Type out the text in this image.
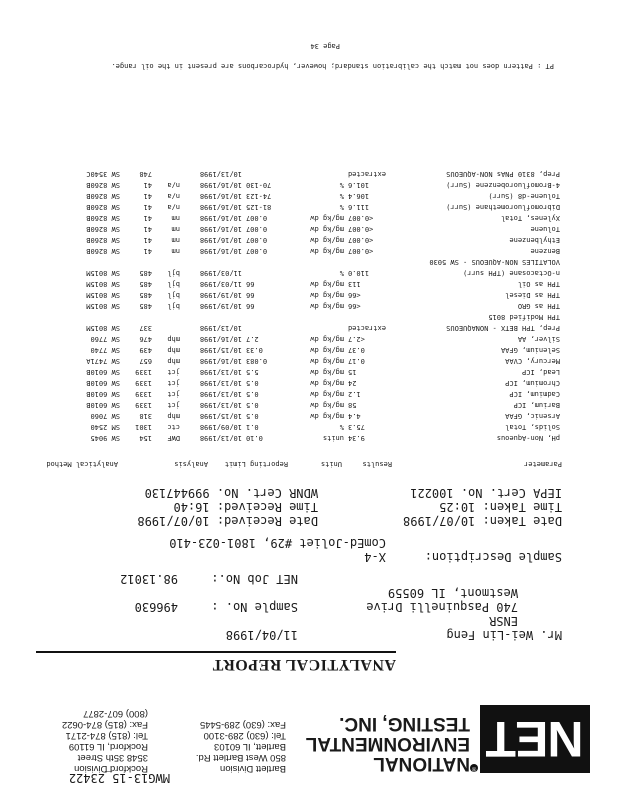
NET
®
NATIONAL
ENVIRONMENTAL
TESTING, INC.
Bartlett Division
850 West Bartlett Rd.
Bartlett, IL 60103
Tel: (630) 289-3100
Fax: (630) 289-5445
Rockford Division
3548 35th Street
Rockford, IL 61109
Tel: (815) 874-2171
Fax: (815) 874-0622
(800) 607-2877
ANALYTICAL REPORT
Mr. Wei-Lin Feng
11/04/1998
ENSR
740 Pasquinelli Drive
Sample No. :
496630
Westmont, IL 60559
NET Job No.:
98.13012
Sample Description:
X-4
ComEd-Joliet #29, 1801-023-410
Date Taken: 10/07/1998
Date Received: 10/07/1998
Time Taken: 10:25
Time Received: 16:40
IEPA Cert. No. 100221
WDNR Cert. No. 999447130
Parameter
Results
Units
Reporting Limit
Analysis
Analytical Method
pH, Non-Aqueous	9.34	units	0.10	10/13/1998	DWF	154	SW 9045
Solids, Total	75.3	%	0.1	10/09/1998	ctc	1301	SM 2540
Arsenic, GFAA	4.4	mg/kg dw	0.5	10/15/1998	mhp	318	SW 7060
Barium, ICP	58	mg/kg dw	0.5	10/13/1998	jct	1339	SW 6010B
Cadmium, ICP	1.2	mg/kg dw	0.5	10/13/1998	jct	1339	SW 6010B
Chromium, ICP	24	mg/kg dw	0.5	10/13/1998	jct	1339	SW 6010B
Lead, ICP	15	mg/kg dw	5.5	10/13/1998	jct	1339	SW 6010B
Mercury, CVAA	0.17	mg/kg dw	0.083	10/16/1998	mhp	657	SW 7471A
Selenium, GFAA	0.37	mg/kg dw	0.33	10/15/1998	mhp	439	SW 7740
Silver, AA	<2.7	mg/kg dw	2.7	10/16/1998	mhp	476	SW 7760
Prep, TPH BETX - NONAQUEOUS	extracted			10/13/1998		337	SW 8015M
TPH Modified 8015							
TPH as GRO	<66	mg/kg dw	66	10/19/1998	bjl	485	SW 8015M
TPH as Diesel	<66	mg/kg dw	66	10/19/1998	bjl	485	SW 8015M
TPH as Oil	113	mg/kg dw	66	11/03/1998	bjl	485	SW 8015M
n-Octacosane (TPH surr)	110.0	%		11/03/1998	bjl	485	SW 8015M
VOLATILES NON-AQUEOUS - SW 5030							
Benzene	<0.007	mg/kg dw	0.007	10/16/1998	nm	41	SW 8260B
Ethylbenzene	<0.007	mg/kg dw	0.007	10/16/1998	nm	41	SW 8260B
Toluene	<0.007	mg/kg dw	0.007	10/16/1998	nm	41	SW 8260B
Xylenes, Total	<0.007	mg/kg dw	0.007	10/16/1998	nm	41	SW 8260B
Dibromofluoromethane (Surr)	111.6	%	81-125	10/16/1998	n/a	41	SW 8260B
Toluene-d8 (Surr)	106.4	%	74-123	10/16/1998	n/a	41	SW 8260B
4-Bromofluorobenzene (Surr)	101.6	%	70-130	10/16/1998	n/a	41	SW 8260B
Prep, 8310 PNAs NON-AQUEOUS	extracted			10/13/1998		748	SW 3540C
PT : Pattern does not match the calibration standard; however, hydrocarbons are present in the oil range.
Page 34
MWG13-15_23422
